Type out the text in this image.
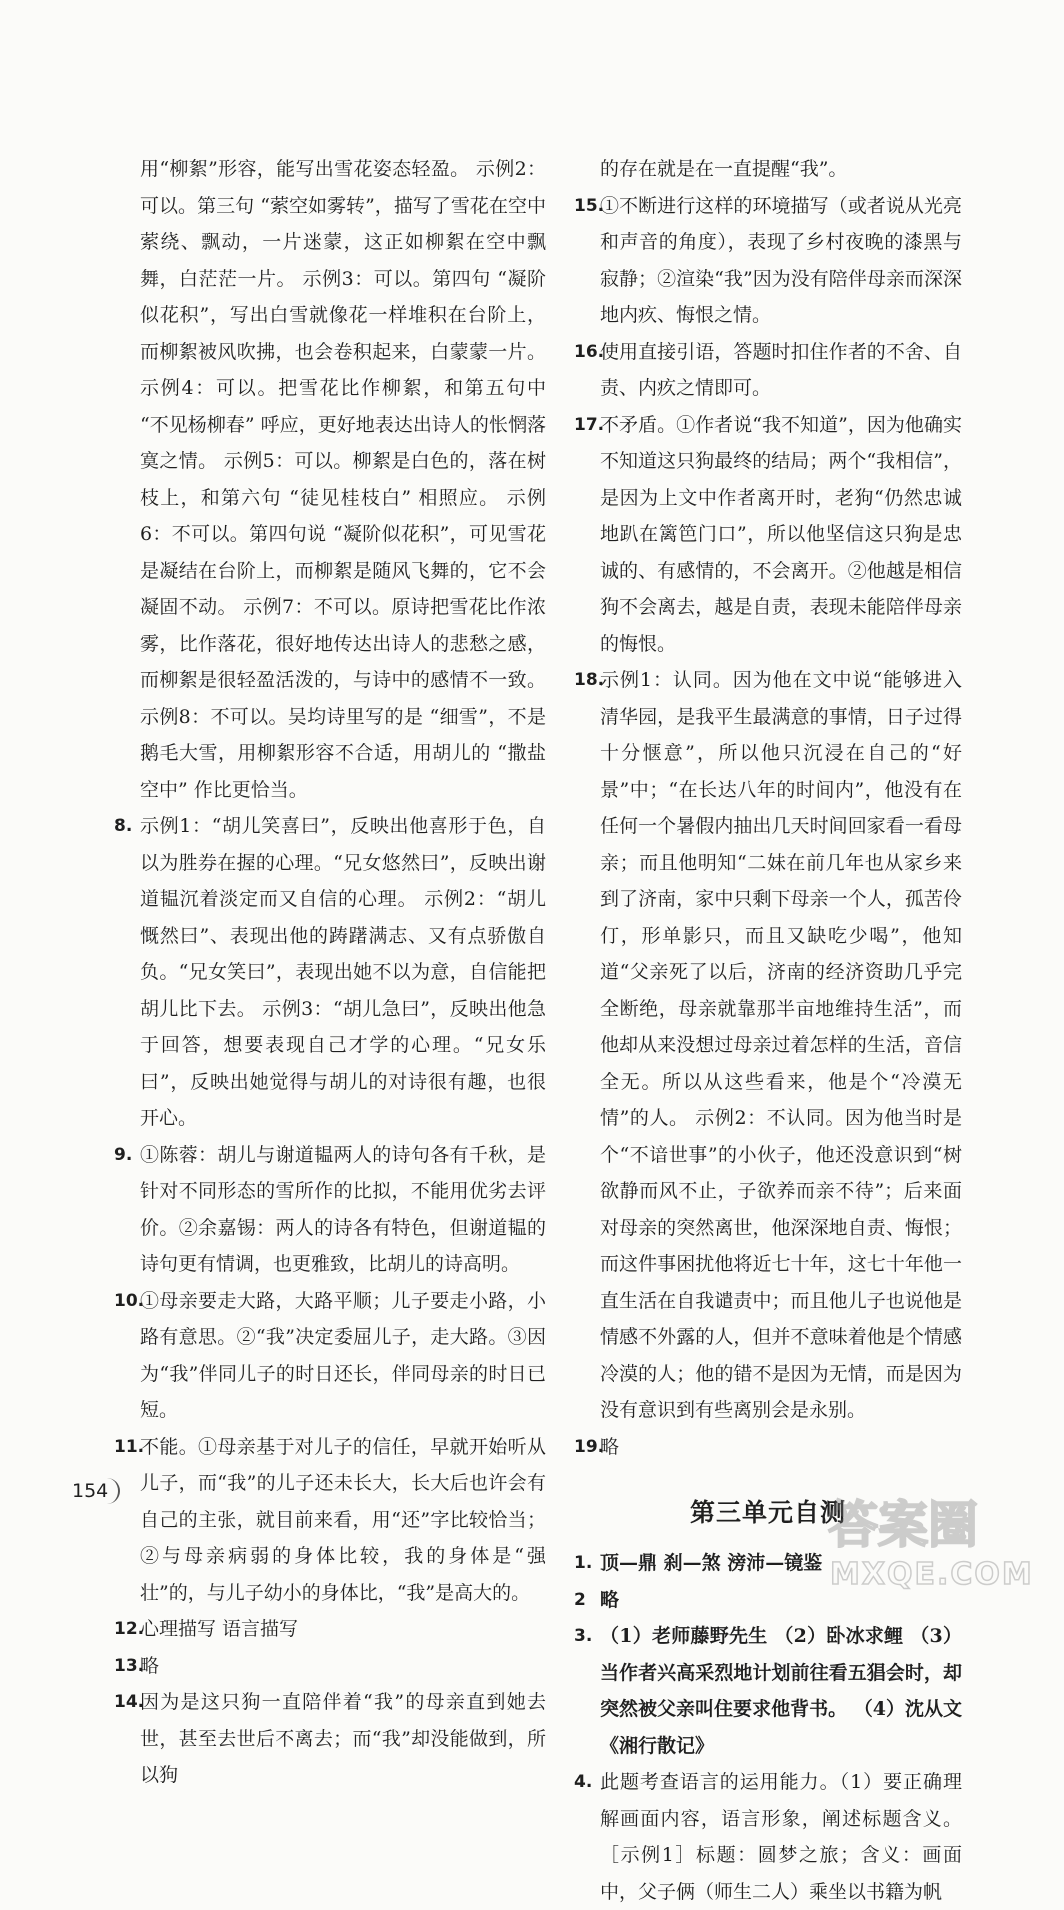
用“柳絮”形容，能写出雪花姿态轻盈。 示例2：可以。第三句 “萦空如雾转”，描写了雪花在空中萦绕、飘动，一片迷蒙，这正如柳絮在空中飘舞，白茫茫一片。 示例3：可以。第四句 “凝阶似花积”，写出白雪就像花一样堆积在台阶上，而柳絮被风吹拂，也会卷积起来，白蒙蒙一片。 示例4：可以。把雪花比作柳絮，和第五句中 “不见杨柳春” 呼应，更好地表达出诗人的怅惘落寞之情。 示例5：可以。柳絮是白色的，落在树枝上，和第六句 “徒见桂枝白” 相照应。 示例6：不可以。第四句说 “凝阶似花积”，可见雪花是凝结在台阶上，而柳絮是随风飞舞的，它不会凝固不动。 示例7：不可以。原诗把雪花比作浓雾，比作落花，很好地传达出诗人的悲愁之感，而柳絮是很轻盈活泼的，与诗中的感情不一致。 示例8：不可以。吴均诗里写的是 “细雪”，不是鹅毛大雪，用柳絮形容不合适，用胡儿的 “撒盐空中” 作比更恰当。
8. 示例1：“胡儿笑喜曰”，反映出他喜形于色，自以为胜券在握的心理。“兄女悠然曰”，反映出谢道韫沉着淡定而又自信的心理。 示例2：“胡儿慨然曰”、表现出他的踌躇满志、又有点骄傲自负。“兄女笑曰”，表现出她不以为意，自信能把胡儿比下去。 示例3：“胡儿急曰”，反映出他急于回答，想要表现自己才学的心理。“兄女乐曰”，反映出她觉得与胡儿的对诗很有趣，也很开心。
9. ①陈蓉：胡儿与谢道韫两人的诗句各有千秋，是针对不同形态的雪所作的比拟，不能用优劣去评价。②余嘉锡：两人的诗各有特色，但谢道韫的诗句更有情调，也更雅致，比胡儿的诗高明。
10.
①母亲要走大路，大路平顺；儿子要走小路，小路有意思。②“我”决定委屈儿子，走大路。③因为“我”伴同儿子的时日还长，伴同母亲的时日已短。
11.
不能。①母亲基于对儿子的信任，早就开始听从儿子，而“我”的儿子还未长大，长大后也许会有自己的主张，就目前来看，用“还”字比较恰当；②与母亲病弱的身体比较，我的身体是“强壮”的，与儿子幼小的身体比，“我”是高大的。
12.
心理描写 语言描写
13.
略
14.
因为是这只狗一直陪伴着“我”的母亲直到她去世，甚至去世后不离去；而“我”却没能做到，所以狗
的存在就是在一直提醒“我”。
15.
①不断进行这样的环境描写（或者说从光亮和声音的角度），表现了乡村夜晚的漆黑与寂静；②渲染“我”因为没有陪伴母亲而深深地内疚、悔恨之情。
16.
使用直接引语，答题时扣住作者的不舍、自责、内疚之情即可。
17.
不矛盾。①作者说“我不知道”，因为他确实不知道这只狗最终的结局；两个“我相信”，是因为上文中作者离开时，老狗“仍然忠诚地趴在篱笆门口”，所以他坚信这只狗是忠诚的、有感情的，不会离开。②他越是相信狗不会离去，越是自责，表现未能陪伴母亲的悔恨。
18.
示例1：认同。因为他在文中说“能够进入清华园，是我平生最满意的事情，日子过得十分惬意”，所以他只沉浸在自己的“好景”中；“在长达八年的时间内”，他没有在任何一个暑假内抽出几天时间回家看一看母亲；而且他明知“二妹在前几年也从家乡来到了济南，家中只剩下母亲一个人，孤苦伶仃，形单影只，而且又缺吃少喝”，他知道“父亲死了以后，济南的经济资助几乎完全断绝，母亲就靠那半亩地维持生活”，而他却从来没想过母亲过着怎样的生活，音信全无。所以从这些看来，他是个“冷漠无情”的人。 示例2：不认同。因为他当时是个“不谙世事”的小伙子，他还没意识到“树欲静而风不止，子欲养而亲不待”；后来面对母亲的突然离世，他深深地自责、悔恨；而这件事困扰他将近七十年，这七十年他一直生活在自我谴责中；而且他儿子也说他是情感不外露的人，但并不意味着他是个情感冷漠的人；他的错不是因为无情，而是因为没有意识到有些离别会是永别。
19.
略
第三单元自测
1. 顶—鼎 刹—煞 滂沛—镜鉴
2 略
3. （1）老师藤野先生 （2）卧冰求鲤 （3）当作者兴高采烈地计划前往看五猖会时，却突然被父亲叫住要求他背书。 （4）沈从文《湘行散记》
4. 此题考查语言的运用能力。（1）要正确理解画面内容，语言形象，阐述标题含义。［示例1］标题：圆梦之旅；含义：画面中，父子俩（师生二人）乘坐以书籍为帆
154
答案圈
MXQE.COM
